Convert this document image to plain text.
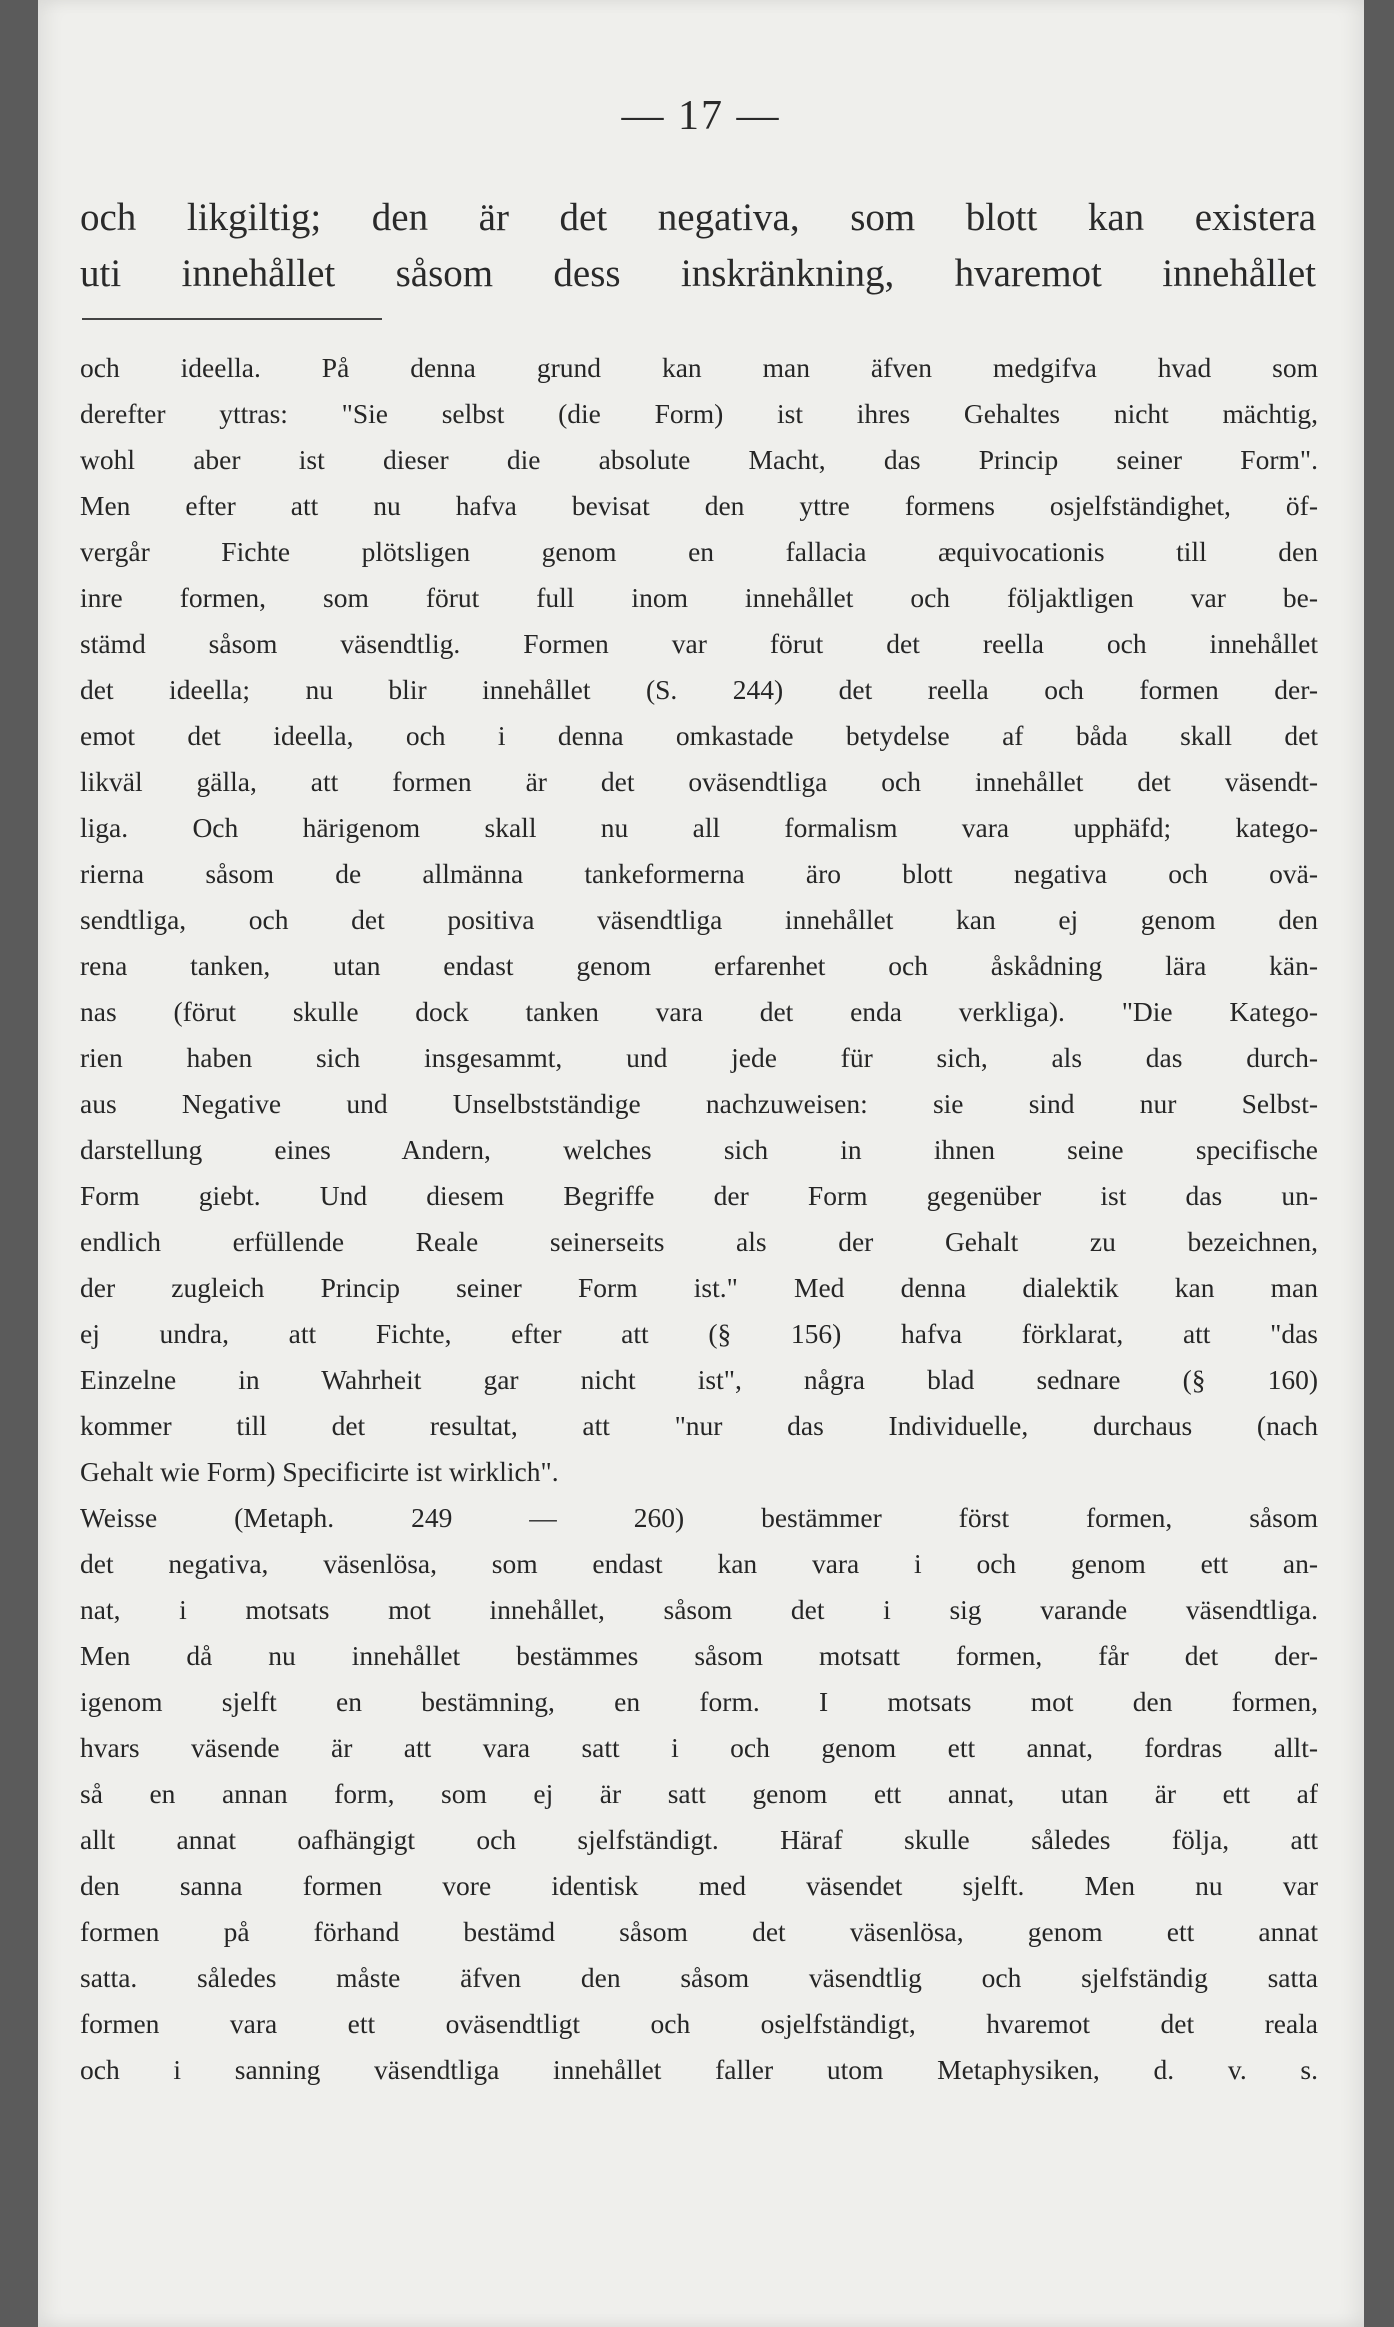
— 17 —
och likgiltig; den är det negativa, som blott kan existera
uti innehållet såsom dess inskränkning, hvaremot innehållet
och ideella. På denna grund kan man äfven medgifva hvad som
derefter yttras: "Sie selbst (die Form) ist ihres Gehaltes nicht mächtig,
wohl aber ist dieser die absolute Macht, das Princip seiner Form".
Men efter att nu hafva bevisat den yttre formens osjelfständighet, öf-
vergår Fichte plötsligen genom en fallacia æquivocationis till den
inre formen, som förut full inom innehållet och följaktligen var be-
stämd såsom väsendtlig. Formen var förut det reella och innehållet
det ideella; nu blir innehållet (S. 244) det reella och formen der-
emot det ideella, och i denna omkastade betydelse af båda skall det
likväl gälla, att formen är det oväsendtliga och innehållet det väsendt-
liga. Och härigenom skall nu all formalism vara upphäfd; katego-
rierna såsom de allmänna tankeformerna äro blott negativa och ovä-
sendtliga, och det positiva väsendtliga innehållet kan ej genom den
rena tanken, utan endast genom erfarenhet och åskådning lära kän-
nas (förut skulle dock tanken vara det enda verkliga). "Die Katego-
rien haben sich insgesammt, und jede für sich, als das durch-
aus Negative und Unselbstständige nachzuweisen: sie sind nur Selbst-
darstellung eines Andern, welches sich in ihnen seine specifische
Form giebt. Und diesem Begriffe der Form gegenüber ist das un-
endlich erfüllende Reale seinerseits als der Gehalt zu bezeichnen,
der zugleich Princip seiner Form ist." Med denna dialektik kan man
ej undra, att Fichte, efter att (§ 156) hafva förklarat, att "das
Einzelne in Wahrheit gar nicht ist", några blad sednare (§ 160)
kommer till det resultat, att "nur das Individuelle, durchaus (nach
Gehalt wie Form) Specificirte ist wirklich".
Weisse (Metaph. 249 — 260) bestämmer först formen, såsom
det negativa, väsenlösa, som endast kan vara i och genom ett an-
nat, i motsats mot innehållet, såsom det i sig varande väsendtliga.
Men då nu innehållet bestämmes såsom motsatt formen, får det der-
igenom sjelft en bestämning, en form. I motsats mot den formen,
hvars väsende är att vara satt i och genom ett annat, fordras allt-
så en annan form, som ej är satt genom ett annat, utan är ett af
allt annat oafhängigt och sjelfständigt. Häraf skulle således följa, att
den sanna formen vore identisk med väsendet sjelft. Men nu var
formen på förhand bestämd såsom det väsenlösa, genom ett annat
satta. således måste äfven den såsom väsendtlig och sjelfständig satta
formen vara ett oväsendtligt och osjelfständigt, hvaremot det reala
och i sanning väsendtliga innehållet faller utom Metaphysiken, d. v. s.
